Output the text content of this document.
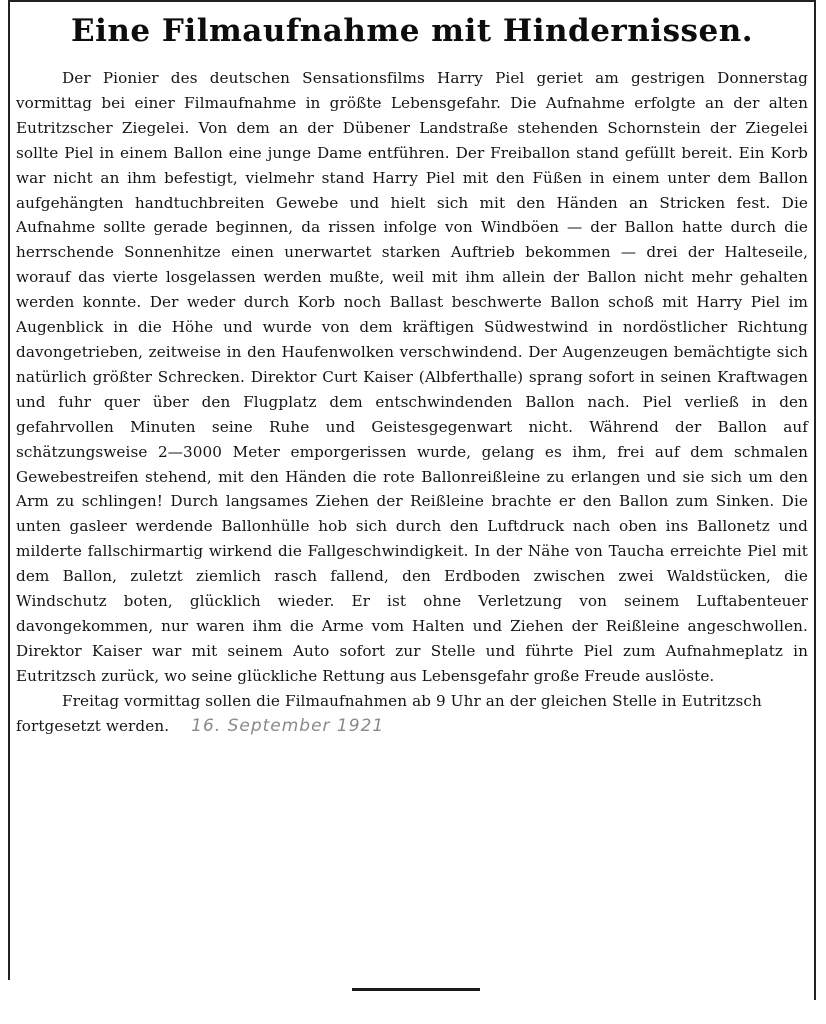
Eine Filmaufnahme mit Hindernissen.

Der Pionier des deutschen Sensationsfilms Harry Piel geriet am gestrigen Donnerstag vormittag bei einer Filmaufnahme in größte Lebensgefahr. Die Aufnahme erfolgte an der alten Eutritzscher Ziegelei. Von dem an der Dübener Landstraße stehenden Schornstein der Ziegelei sollte Piel in einem Ballon eine junge Dame entführen. Der Freiballon stand gefüllt bereit. Ein Korb war nicht an ihm befestigt, vielmehr stand Harry Piel mit den Füßen in einem unter dem Ballon aufgehängten handtuchbreiten Gewebe und hielt sich mit den Händen an Stricken fest. Die Aufnahme sollte gerade beginnen, da rissen infolge von Windböen — der Ballon hatte durch die herrschende Sonnenhitze einen unerwartet starken Auftrieb bekommen — drei der Halteseile, worauf das vierte losgelassen werden mußte, weil mit ihm allein der Ballon nicht mehr gehalten werden konnte. Der weder durch Korb noch Ballast beschwerte Ballon schoß mit Harry Piel im Augenblick in die Höhe und wurde von dem kräftigen Südwestwind in nordöstlicher Richtung davongetrieben, zeitweise in den Haufenwolken verschwindend. Der Augenzeugen bemächtigte sich natürlich größter Schrecken. Direktor Curt Kaiser (Albferthalle) sprang sofort in seinen Kraftwagen und fuhr quer über den Flugplatz dem entschwindenden Ballon nach. Piel verließ in den gefahrvollen Minuten seine Ruhe und Geistesgegenwart nicht. Während der Ballon auf schätzungsweise 2—3000 Meter emporgerissen wurde, gelang es ihm, frei auf dem schmalen Gewebestreifen stehend, mit den Händen die rote Ballonreißleine zu erlangen und sie sich um den Arm zu schlingen! Durch langsames Ziehen der Reißleine brachte er den Ballon zum Sinken. Die unten gasleer werdende Ballonhülle hob sich durch den Luftdruck nach oben ins Ballonetz und milderte fallschirmartig wirkend die Fallgeschwindigkeit. In der Nähe von Taucha erreichte Piel mit dem Ballon, zuletzt ziemlich rasch fallend, den Erdboden zwischen zwei Waldstücken, die Windschutz boten, glücklich wieder. Er ist ohne Verletzung von seinem Luftabenteuer davongekommen, nur waren ihm die Arme vom Halten und Ziehen der Reißleine angeschwollen. Direktor Kaiser war mit seinem Auto sofort zur Stelle und führte Piel zum Aufnahmeplatz in Eutritzsch zurück, wo seine glückliche Rettung aus Lebensgefahr große Freude auslöste.

Freitag vormittag sollen die Filmaufnahmen ab 9 Uhr an der gleichen Stelle in Eutritzsch fortgesetzt werden. 16. September 1921
